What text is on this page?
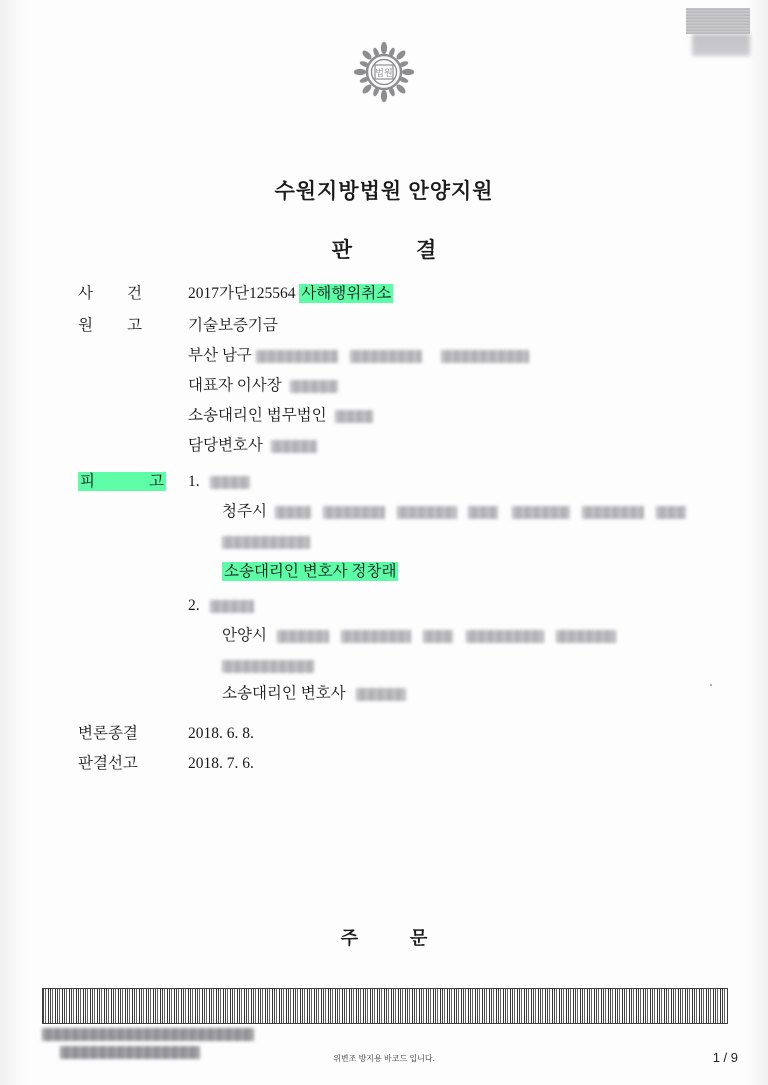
법원
수원지방법원 안양지원
판	결
사 건	2017가단125564 사해행위취소
원 고	기술보증기금
부산 남구
대표자 이사장
소송대리인 법무법인
담당변호사
피	고	1.
청주시
소송대리인 변호사 정창래
2.
안양시
소송대리인 변호사
변론종결	2018. 6. 8.
판결선고	2018. 7. 6.
주	문
위변조 방지용 바코드 입니다.	1 / 9
